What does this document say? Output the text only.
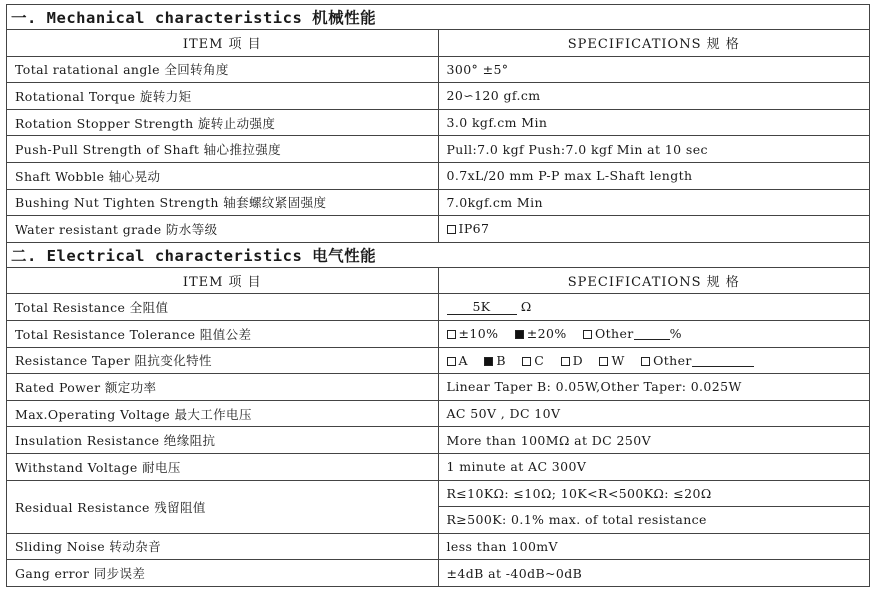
一. Mechanical characteristics 机械性能	
ITEM 项 目	SPECIFICATIONS 规 格
Total ratational angle 全回转角度	300° ±5°
Rotational Torque 旋转力矩	20∽120 gf.cm
Rotation Stopper Strength 旋转止动强度	3.0 kgf.cm Min
Push-Pull Strength of Shaft 轴心推拉强度	Pull:7.0 kgf Push:7.0 kgf Min at 10 sec
Shaft Wobble 轴心晃动	0.7xL/20 mm P-P max L-Shaft length
Bushing Nut Tighten Strength 轴套螺纹紧固强度	7.0kgf.cm Min
Water resistant grade 防水等级	IP67
二. Electrical characteristics 电气性能	
ITEM 项 目	SPECIFICATIONS 规 格
Total Resistance 全阻值	5K Ω
Total Resistance Tolerance 阻值公差	±10% ±20% Other %
Resistance Taper 阻抗变化特性	A B C D W Other
Rated Power 额定功率	Linear Taper B: 0.05W,Other Taper: 0.025W
Max.Operating Voltage 最大工作电压	AC 50V , DC 10V
Insulation Resistance 绝缘阻抗	More than 100MΩ at DC 250V
Withstand Voltage 耐电压	1 minute at AC 300V
Residual Resistance 残留阻值	R≤10KΩ: ≤10Ω; 10K<R<500KΩ: ≤20Ω
	R≥500K: 0.1% max. of total resistance
Sliding Noise 转动杂音	less than 100mV
Gang error 同步误差	±4dB at -40dB~0dB
